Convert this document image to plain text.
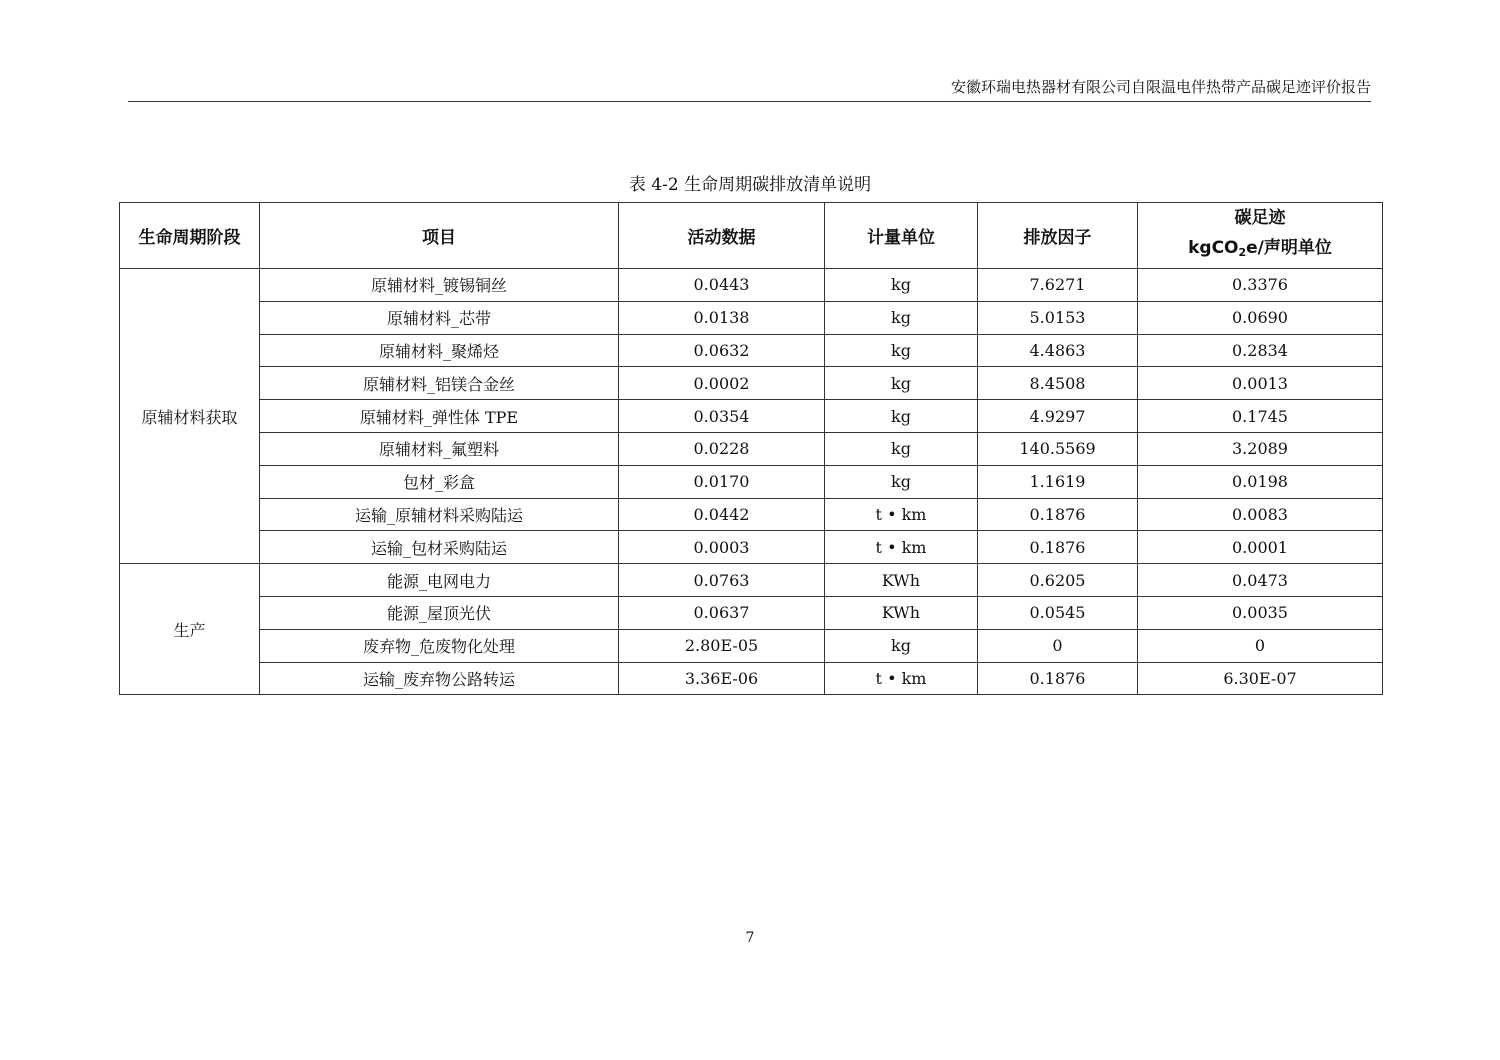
安徽环瑞电热器材有限公司自限温电伴热带产品碳足迹评价报告
表 4-2 生命周期碳排放清单说明
生命周期阶段	项目	活动数据	计量单位	排放因子	碳足迹
kgCO$_2$e/声明单位

原辅材料获取	原辅材料_镀锡铜丝	0.0443	kg	7.6271	0.3376
	原辅材料_芯带	0.0138	kg	5.0153	0.0690
	原辅材料_聚烯烃	0.0632	kg	4.4863	0.2834
	原辅材料_铝镁合金丝	0.0002	kg	8.4508	0.0013
	原辅材料_弹性体 TPE	0.0354	kg	4.9297	0.1745
	原辅材料_氟塑料	0.0228	kg	140.5569	3.2089
	包材_彩盒	0.0170	kg	1.1619	0.0198
	运输_原辅材料采购陆运	0.0442	t • km	0.1876	0.0083
	运输_包材采购陆运	0.0003	t • km	0.1876	0.0001
生产	能源_电网电力	0.0763	KWh	0.6205	0.0473
	能源_屋顶光伏	0.0637	KWh	0.0545	0.0035
	废弃物_危废物化处理	2.80E-05	kg	0	0
	运输_废弃物公路转运	3.36E-06	t • km	0.1876	6.30E-07
7
